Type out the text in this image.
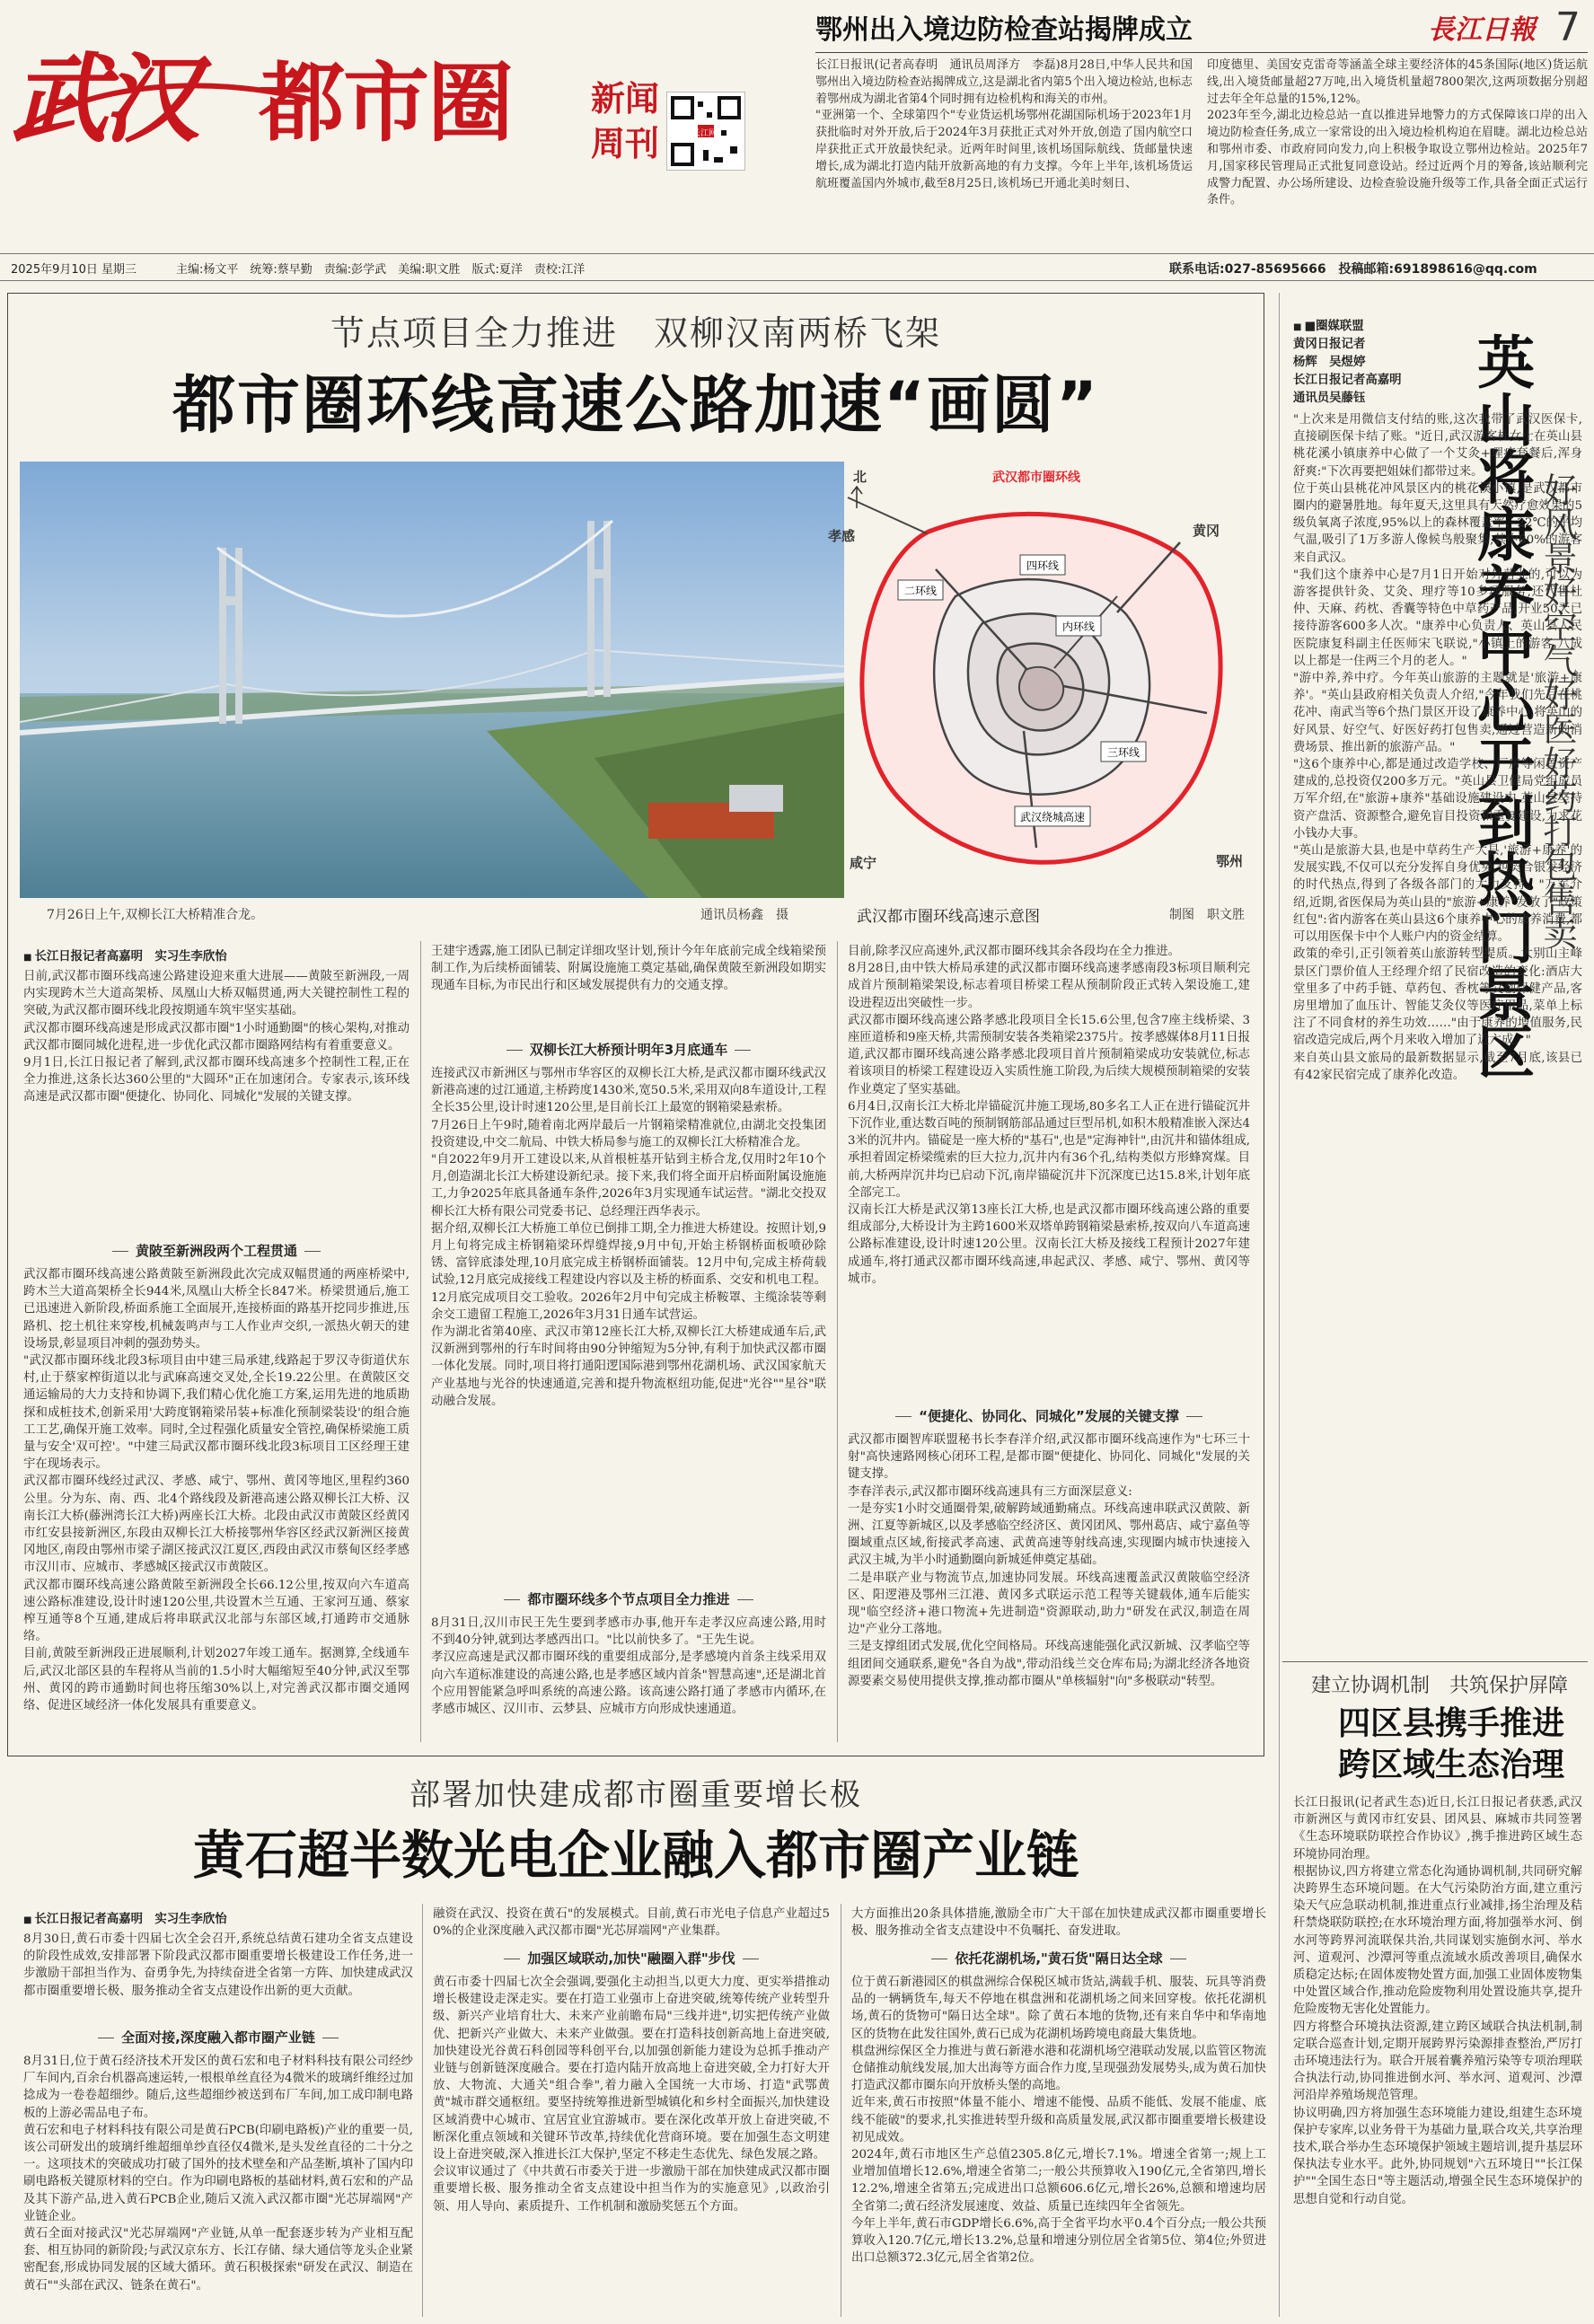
武汉 都市圈 新闻
周刊	长江网
鄂州出入境边防检查站揭牌成立	長江日報 7
长江日报讯(记者高春明　通讯员周泽方　李磊)8月28日,中华人民共和国鄂州出入境边防检查站揭牌成立,这是湖北省内第5个出入境边检站,也标志着鄂州成为湖北省第4个同时拥有边检机构和海关的市州。
"亚洲第一个、全球第四个"专业货运机场鄂州花湖国际机场于2023年1月获批临时对外开放,后于2024年3月获批正式对外开放,创造了国内航空口岸获批正式开放最快纪录。近两年时间里,该机场国际航线、货邮量快速增长,成为湖北打造内陆开放新高地的有力支撑。今年上半年,该机场货运航班覆盖国内外城市,截至8月25日,该机场已开通北美时刻日、
印度德里、美国安克雷奇等涵盖全球主要经济体的45条国际(地区)货运航线,出入境货邮量超27万吨,出入境货机量超7800架次,这两项数据分别超过去年全年总量的15%,12%。
2023年至今,湖北边检总站一直以推进异地警力的方式保障该口岸的出入境边防检查任务,成立一家常设的出入境边检机构迫在眉睫。湖北边检总站和鄂州市委、市政府同向发力,向上积极争取设立鄂州边检站。2025年7月,国家移民管理局正式批复同意设站。经过近两个月的筹备,该站顺利完成警力配置、办公场所建设、边检查验设施升级等工作,具备全面正式运行条件。
2025年9月10日 星期三	主编:杨文平　统筹:蔡早勤　责编:彭学武　美编:职文胜　版式:夏洋　责校:江洋	联系电话:027-85695666　投稿邮箱:691898616@qq.com
节点项目全力推进　双柳汉南两桥飞架
都市圈环线高速公路加速“画圆”
7月26日上午,双柳长江大桥精准合龙。	通讯员杨鑫　摄
武汉都市圈环线
北
孝感	黄冈
咸宁	鄂州
四环线
二环线
内环线
三环线
武汉绕城高速
武汉都市圈环线高速示意图	制图　职文胜
■ 长江日报记者高嘉明　实习生李欣怡
日前,武汉都市圈环线高速公路建设迎来重大进展——黄陂至新洲段,一周内实现跨木兰大道高架桥、凤凰山大桥双幅贯通,两大关键控制性工程的突破,为武汉都市圈环线北段按期通车筑牢坚实基础。
武汉都市圈环线高速是形成武汉都市圈"1小时通勤圈"的核心架构,对推动武汉都市圈同城化进程,进一步优化武汉都市圈路网结构有着重要意义。
9月1日,长江日报记者了解到,武汉都市圈环线高速多个控制性工程,正在全力推进,这条长达360公里的"大圆环"正在加速闭合。专家表示,该环线高速是武汉都市圈"便捷化、协同化、同城化"发展的关键支撑。
黄陂至新洲段两个工程贯通
武汉都市圈环线高速公路黄陂至新洲段此次完成双幅贯通的两座桥梁中,跨木兰大道高架桥全长944米,凤凰山大桥全长847米。桥梁贯通后,施工已迅速进入新阶段,桥面系施工全面展开,连接桥面的路基开挖同步推进,压路机、挖土机往来穿梭,机械轰鸣声与工人作业声交织,一派热火朝天的建设场景,彰显项目冲刺的强劲势头。
"武汉都市圈环线北段3标项目由中建三局承建,线路起于罗汉寺街道伏东村,止于蔡家榨街道以北与武麻高速交叉处,全长19.22公里。在黄陂区交通运输局的大力支持和协调下,我们精心优化施工方案,运用先进的地质勘探和成桩技术,创新采用'大跨度钢箱梁吊装+标准化预制梁装设'的组合施工工艺,确保开施工效率。同时,全过程强化质量安全管控,确保桥梁施工质量与安全'双可控'。"中建三局武汉都市圈环线北段3标项目工区经理王建宇在现场表示。
武汉都市圈环线经过武汉、孝感、咸宁、鄂州、黄冈等地区,里程约360公里。分为东、南、西、北4个路线段及新港高速公路双柳长江大桥、汉南长江大桥(藤洲湾长江大桥)两座长江大桥。北段由武汉市黄陂区经黄冈市红安县接新洲区,东段由双柳长江大桥接鄂州华容区经武汉新洲区接黄冈地区,南段由鄂州市梁子湖区接武汉江夏区,西段由武汉市蔡甸区经孝感市汉川市、应城市、孝感城区接武汉市黄陂区。
武汉都市圈环线高速公路黄陂至新洲段全长66.12公里,按双向六车道高速公路标准建设,设计时速120公里,共设置木兰互通、王家河互通、蔡家榨互通等8个互通,建成后将串联武汉北部与东部区域,打通跨市交通脉络。
目前,黄陂至新洲段正进展顺利,计划2027年竣工通车。据测算,全线通车后,武汉北部区县的车程将从当前的1.5小时大幅缩短至40分钟,武汉至鄂州、黄冈的跨市通勤时间也将压缩30%以上,对完善武汉都市圈交通网络、促进区域经济一体化发展具有重要意义。
王建宇透露,施工团队已制定详细攻坚计划,预计今年年底前完成全线箱梁预制工作,为后续桥面铺装、附属设施施工奠定基础,确保黄陂至新洲段如期实现通车目标,为市民出行和区域发展提供有力的交通支撑。
双柳长江大桥预计明年3月底通车
连接武汉市新洲区与鄂州市华容区的双柳长江大桥,是武汉都市圈环线武汉新港高速的过江通道,主桥跨度1430米,宽50.5米,采用双向8车道设计,工程全长35公里,设计时速120公里,是目前长江上最宽的钢箱梁悬索桥。
7月26日上午9时,随着南北两岸最后一片钢箱梁精准就位,由湖北交投集团投资建设,中交二航局、中铁大桥局参与施工的双柳长江大桥精准合龙。
"自2022年9月开工建设以来,从首根桩基开钻到主桥合龙,仅用时2年10个月,创造湖北长江大桥建设新纪录。接下来,我们将全面开启桥面附属设施施工,力争2025年底具备通车条件,2026年3月实现通车试运营。"湖北交投双柳长江大桥有限公司党委书记、总经理汪西华表示。
据介绍,双柳长江大桥施工单位已倒排工期,全力推进大桥建设。按照计划,9月上旬将完成主桥钢箱梁环焊缝焊接,9月中旬,开始主桥钢桥面板喷砂除锈、富锌底漆处理,10月底完成主桥钢桥面铺装。12月中旬,完成主桥荷载试验,12月底完成接线工程建设内容以及主桥的桥面系、交安和机电工程。12月底完成项目交工验收。2026年2月中旬完成主桥鞍罩、主缆涂装等剩余交工遗留工程施工,2026年3月31日通车试营运。
作为湖北省第40座、武汉市第12座长江大桥,双柳长江大桥建成通车后,武汉新洲到鄂州的行车时间将由90分钟缩短为5分钟,有利于加快武汉都市圈一体化发展。同时,项目将打通阳逻国际港到鄂州花湖机场、武汉国家航天产业基地与光谷的快速通道,完善和提升物流枢纽功能,促进"光谷""星谷"联动融合发展。
都市圈环线多个节点项目全力推进
8月31日,汉川市民王先生要到孝感市办事,他开车走孝汉应高速公路,用时不到40分钟,就到达孝感西出口。"比以前快多了。"王先生说。
孝汉应高速是武汉都市圈环线的重要组成部分,是孝感境内首条主线采用双向六车道标准建设的高速公路,也是孝感区域内首条"智慧高速",还是湖北首个应用智能紧急呼叫系统的高速公路。该高速公路打通了孝感市内循环,在孝感市城区、汉川市、云梦县、应城市方向形成快速通道。
目前,除孝汉应高速外,武汉都市圈环线其余各段均在全力推进。
8月28日,由中铁大桥局承建的武汉都市圈环线高速孝感南段3标项目顺利完成首片预制箱梁架设,标志着项目桥梁工程从预制阶段正式转入架设施工,建设进程迈出突破性一步。
武汉都市圈环线高速公路孝感北段项目全长15.6公里,包含7座主线桥梁、3座匝道桥和9座天桥,共需预制安装各类箱梁2375片。按孝感媒体8月11日报道,武汉都市圈环线高速公路孝感北段项目首片预制箱梁成功安装就位,标志着该项目的桥梁工程建设迈入实质性施工阶段,为后续大规模预制箱梁的安装作业奠定了坚实基础。
6月4日,汉南长江大桥北岸锚碇沉井施工现场,80多名工人正在进行锚碇沉井下沉作业,重达数百吨的预制钢筋部品通过巨型吊机,如积木般精准嵌入深达43米的沉井内。锚碇是一座大桥的"基石",也是"定海神针",由沉井和锚体组成,承担着固定桥梁缆索的巨大拉力,沉井内有36个孔,结构类似方形蜂窝煤。目前,大桥两岸沉井均已启动下沉,南岸锚碇沉井下沉深度已达15.8米,计划年底全部完工。
汉南长江大桥是武汉第13座长江大桥,也是武汉都市圈环线高速公路的重要组成部分,大桥设计为主跨1600米双塔单跨钢箱梁悬索桥,按双向八车道高速公路标准建设,设计时速120公里。汉南长江大桥及接线工程预计2027年建成通车,将打通武汉都市圈环线高速,串起武汉、孝感、咸宁、鄂州、黄冈等城市。
“便捷化、协同化、同城化”发展的关键支撑
武汉都市圈智库联盟秘书长李春洋介绍,武汉都市圈环线高速作为"七环三十射"高快速路网核心闭环工程,是都市圈"便捷化、协同化、同城化"发展的关键支撑。
李春洋表示,武汉都市圈环线高速具有三方面深层意义:
一是夯实1小时交通圈骨架,破解跨域通勤痛点。环线高速串联武汉黄陂、新洲、江夏等新城区,以及孝感临空经济区、黄冈团风、鄂州葛店、咸宁嘉鱼等圈域重点区域,衔接武孝高速、武黄高速等射线高速,实现圈内城市快速接入武汉主城,为半小时通勤圈向新城延伸奠定基础。
二是串联产业与物流节点,加速协同发展。环线高速覆盖武汉黄陂临空经济区、阳逻港及鄂州三江港、黄冈多式联运示范工程等关键载体,通车后能实现"临空经济+港口物流+先进制造"资源联动,助力"研发在武汉,制造在周边"产业分工落地。
三是支撑组团式发展,优化空间格局。环线高速能强化武汉新城、汉孝临空等组团间交通联系,避免"各自为战",带动沿线兰交仓库布局;为湖北经济各地资源要素交易使用提供支撑,推动都市圈从"单核辐射"向"多极联动"转型。
■ ■圈媒联盟
黄冈日报记者
杨辉　吴煜婷
长江日报记者高嘉明
通讯员吴藤钰 英山将康养中心开到热门景区 好风景好空气好医好药打包售卖
"上次来是用微信支付结的账,这次我带了武汉医保卡,直接刷医保卡结了账。"近日,武汉游客杜女士在英山县桃花溪小镇康养中心做了一个艾灸+理疗套餐后,浑身舒爽:"下次再要把姐妹们都带过来。"
位于英山县桃花冲风景区内的桃花溪小镇,是武汉都市圈内的避暑胜地。每年夏天,这里具有天然疗愈效果的5级负氧离子浓度,95%以上的森林覆盖率、22℃的平均气温,吸引了1万多游人像候鸟般聚集,其中80%的游客来自武汉。
"我们这个康养中心是7月1日开始对外营业的,可以为游客提供针灸、艾灸、理疗等10多项服务,还代售杜仲、天麻、药枕、香囊等特色中草药产品,开业50天已接待游客600多人次。"康养中心负责人、英山县人民医院康复科副主任医师宋飞联说,"小镇上的游客,八成以上都是一住两三个月的老人。"
"游中养,养中疗。今年英山旅游的主题就是'旅游+康养'。"英山县政府相关负责人介绍,"今年我们先后在桃花冲、南武当等6个热门景区开设了康养中心,将英山的好风景、好空气、好医好药打包售卖,通过营造新的消费场景、推出新的旅游产品。"
"这6个康养中心,都是通过改造学校、厂房等闲置资产建成的,总投资仅200多万元。"英山县卫健局党组成员万军介绍,在"旅游+康养"基础设施建设中,英山县坚持资产盘活、资源整合,避免盲目投资和重复建设,力求花小钱办大事。
"英山是旅游大县,也是中草药生产大县,'旅游+康养'的发展实践,不仅可以充分发挥自身优势,也契合银发经济的时代热点,得到了各级各部门的大力支持。"万军介绍,近期,省医保局为英山县的"旅游+康养"发放了"政策红包":省内游客在英山县这6个康养中心的康养消费,都可以用医保卡中个人账户内的资金结算。
政策的牵引,正引领着英山旅游转型提质。大别山主峰景区门票价值人王经理介绍了民宿改造的变化:酒店大堂里多了中药手链、草药包、香枕等文创保健产品,客房里增加了血压计、智能艾灸仪等医疗用品,菜单上标注了不同食材的养生功效……"由于康养的增值服务,民宿改造完成后,两个月来收入增加了近六成。"
来自英山县文旅局的最新数据显示,截至7月底,该县已有42家民宿完成了康养化改造。
建立协调机制　共筑保护屏障
四区县携手推进
跨区域生态治理
长江日报讯(记者武生态)近日,长江日报记者获悉,武汉市新洲区与黄冈市红安县、团风县、麻城市共同签署《生态环境联防联控合作协议》,携手推进跨区域生态环境协同治理。
根据协议,四方将建立常态化沟通协调机制,共同研究解决跨界生态环境问题。在大气污染防治方面,建立重污染天气应急联动机制,推进重点行业减排,扬尘治理及秸秆禁烧联防联控;在水环境治理方面,将加强举水河、倒水河等跨界河流联保共治,共同谋划实施倒水河、举水河、道观河、沙潭河等重点流域水质改善项目,确保水质稳定达标;在固体废物处置方面,加强工业固体废物集中处置区域合作,推动危险废物利用处置设施共享,提升危险废物无害化处置能力。
四方将整合环境执法资源,建立跨区域联合执法机制,制定联合巡查计划,定期开展跨界污染源排查整治,严厉打击环境违法行为。联合开展着囊养殖污染等专项治理联合执法行动,协同推进倒水河、举水河、道观河、沙潭河沿岸养殖场规范管理。
协议明确,四方将加强生态环境能力建设,组建生态环境保护专家库,以业务骨干为基础力量,联合攻关,共享治理技术,联合举办生态环境保护领域主题培训,提升基层环保执法专业水平。此外,协同规划"六五环境日""长江保护""全国生态日"等主题活动,增强全民生态环境保护的思想自觉和行动自觉。
部署加快建成都市圈重要增长极
黄石超半数光电企业融入都市圈产业链
■ 长江日报记者高嘉明　实习生李欣怡
8月30日,黄石市委十四届七次全会召开,系统总结黄石建功全省支点建设的阶段性成效,安排部署下阶段武汉都市圈重要增长极建设工作任务,进一步激励干部担当作为、奋勇争先,为持续奋进全省第一方阵、加快建成武汉都市圈重要增长极、服务推动全省支点建设作出新的更大贡献。
全面对接,深度融入都市圈产业链
8月31日,位于黄石经济技术开发区的黄石宏和电子材料科技有限公司经纱厂车间内,百余台机器高速运转,一根根单丝直径为4微米的玻璃纤维经过加捻成为一卷卷超细纱。随后,这些超细纱被送到布厂车间,加工成印制电路板的上游必需品电子布。
黄石宏和电子材料科技有限公司是黄石PCB(印刷电路板)产业的重要一员,该公司研发出的玻璃纤维超细单纱直径仅4微米,是头发丝直径的二十分之一。这项技术的突破成功打破了国外的技术壁垒和产品垄断,填补了国内印刷电路板关键原材料的空白。作为印刷电路板的基础材料,黄石宏和的产品及其下游产品,进入黄石PCB企业,随后又流入武汉都市圈"光芯屏端网"产业链企业。
黄石全面对接武汉"光芯屏端网"产业链,从单一配套逐步转为产业相互配套、相互协同的新阶段;与武汉京东方、长江存储、绿大通信等龙头企业紧密配套,形成协同发展的区域大循环。黄石积极探索"研发在武汉、制造在黄石""头部在武汉、链条在黄石"。
融资在武汉、投资在黄石"的发展模式。目前,黄石市光电子信息产业超过50%的企业深度融入武汉都市圈"光芯屏端网"产业集群。
加强区域联动,加快"融圈入群"步伐
黄石市委十四届七次全会强调,要强化主动担当,以更大力度、更实举措推动增长极建设走深走实。要在打造工业强市上奋进突破,统筹传统产业转型升级、新兴产业培育壮大、未来产业前瞻布局"三线并进",切实把传统产业做优、把新兴产业做大、未来产业做强。要在打造科技创新高地上奋进突破,加快建设光谷黄石科创园等科创平台,以加强创新能力建设为总抓手推动产业链与创新链深度融合。要在打造内陆开放高地上奋进突破,全力打好大开放、大物流、大通关"组合拳",着力融入全国统一大市场、打造"武鄂黄黄"城市群交通枢纽。要坚持统筹推进新型城镇化和乡村全面振兴,加快建设区域消费中心城市、宜居宜业宜游城市。要在深化改革开放上奋进突破,不断深化重点领域和关键环节改革,持续优化营商环境。要在加强生态文明建设上奋进突破,深入推进长江大保护,坚定不移走生态优先、绿色发展之路。
会议审议通过了《中共黄石市委关于进一步激励干部在加快建成武汉都市圈重要增长极、服务推动全省支点建设中担当作为的实施意见》,以政治引领、用人导向、素质提升、工作机制和激励奖惩五个方面。
大方面推出20条具体措施,激励全市广大干部在加快建成武汉都市圈重要增长极、服务推动全省支点建设中不负嘱托、奋发进取。
依托花湖机场,"黄石货"隔日达全球
位于黄石新港园区的棋盘洲综合保税区城市货站,满载手机、服装、玩具等消费品的一辆辆货车,每天不停地在棋盘洲和花湖机场之间来回穿梭。依托花湖机场,黄石的货物可"隔日达全球"。除了黄石本地的货物,还有来自华中和华南地区的货物在此发往国外,黄石已成为花湖机场跨境电商最大集货地。
棋盘洲综保区全力推进与黄石新港水港和花湖机场空港联动发展,以监管区物流仓储推动航线发展,加大出海等方面合作力度,呈现强劲发展势头,成为黄石加快打造武汉都市圈东向开放桥头堡的高地。
近年来,黄石市按照"体量不能小、增速不能慢、品质不能低、发展不能虚、底线不能破"的要求,扎实推进转型升级和高质量发展,武汉都市圈重要增长极建设初见成效。
2024年,黄石市地区生产总值2305.8亿元,增长7.1%。增速全省第一;规上工业增加值增长12.6%,增速全省第二;一般公共预算收入190亿元,全省第四,增长12.2%,增速全省第五;完成进出口总额606.6亿元,增长26%,总额和增速均居全省第二;黄石经济发展速度、效益、质量已连续四年全省领先。
今年上半年,黄石市GDP增长6.6%,高于全省平均水平0.4个百分点;一般公共预算收入120.7亿元,增长13.2%,总量和增速分别位居全省第5位、第4位;外贸进出口总额372.3亿元,居全省第2位。
